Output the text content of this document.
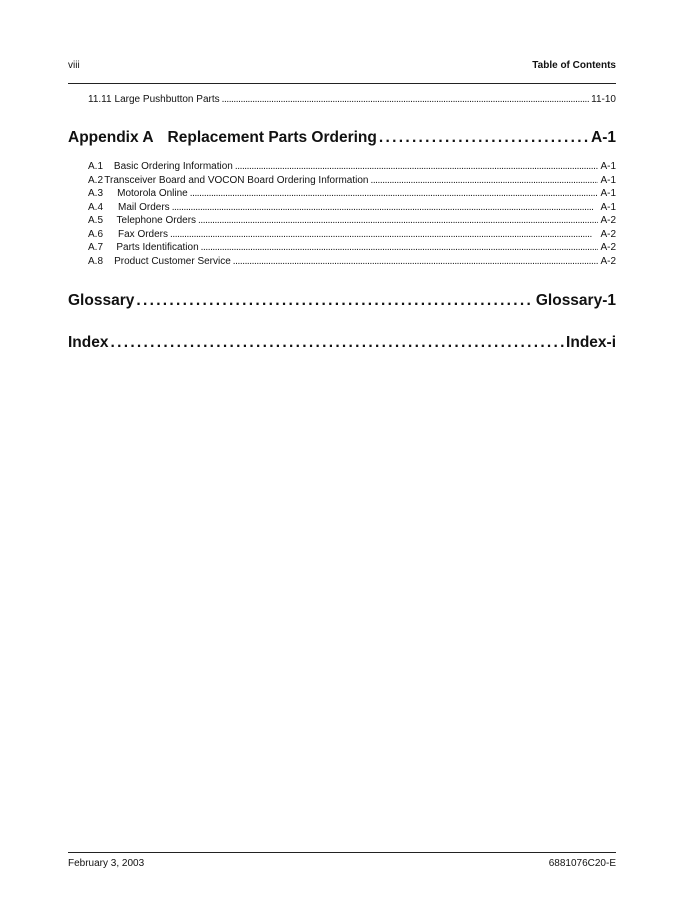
viii	Table of Contents
11.11 Large Pushbutton Parts . . .	11-10
Appendix A Replacement Parts Ordering . . .	A-1
A.1	Basic Ordering Information . . .	A-1
A.2 Transceiver Board and VOCON Board Ordering Information . . .	A-1
A.3	Motorola Online . . .	A-1
A.4	Mail Orders . . .	A-1
A.5	Telephone Orders . . .	A-2
A.6	Fax Orders . . .	A-2
A.7	Parts Identification . . .	A-2
A.8	Product Customer Service . . .	A-2
Glossary . . .	Glossary-1
Index . . .	Index-i
February 3, 2003	6881076C20-E
